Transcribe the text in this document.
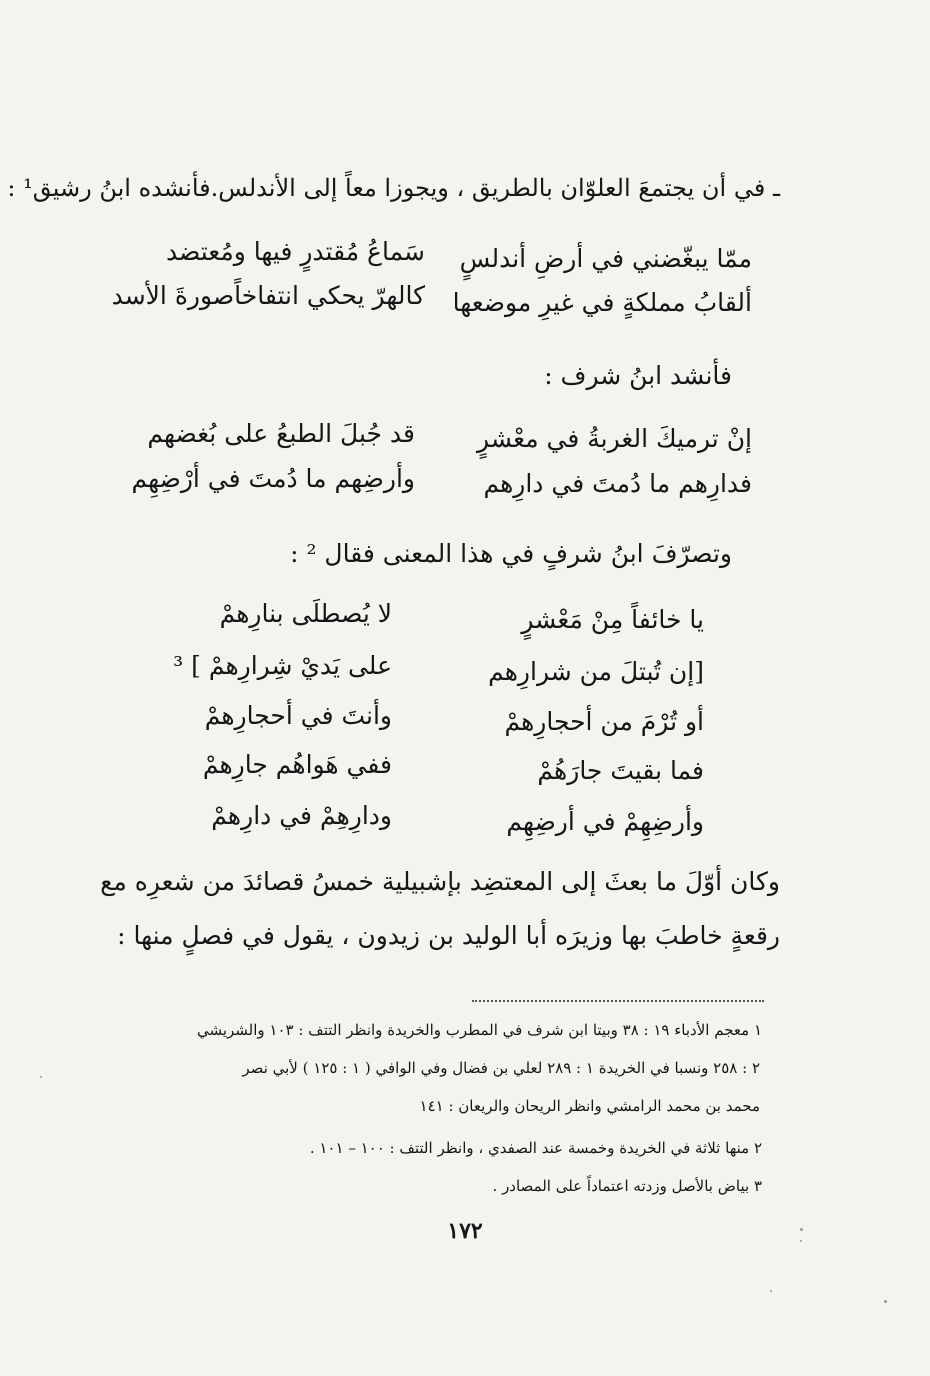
ـ في أن يجتمعَ العلوّان بالطريق ، ويجوزا معاً إلى الأندلس.فأنشده ابنُ رشيق¹ :
ممّا يبغّضني في أرضِ أندلسٍ
سَماعُ مُقتدرٍ فيها ومُعتضد
ألقابُ مملكةٍ في غيرِ موضعها
كالهرّ يحكي انتفاخاًصورةَ الأسد
فأنشد ابنُ شرف :
إنْ ترميكَ الغربةُ في معْشرٍ
قد جُبلَ الطبعُ على بُغضهم
فدارِهم ما دُمتَ في دارِهم
وأرضِهم ما دُمتَ في أرْضِهِم
وتصرّفَ ابنُ شرفٍ في هذا المعنى فقال ² :
يا خائفاً مِنْ مَعْشرٍ
لا يُصطلَى بنارِهمْ
[إن تُبتلَ من شرارِهم
على يَديْ شِرارِهمْ ] ³
أو تُرْمَ من أحجارِهمْ
وأنتَ في أحجارِهمْ
فما بقيتَ جارَهُمْ
ففي هَواهُم جارِهمْ
وأرضِهِمْ في أرضِهِم
ودارِهِمْ في دارِهمْ
وكان أوّلَ ما بعثَ إلى المعتضِد بإشبيلية خمسُ قصائدَ من شعرِه مع
رقعةٍ خاطبَ بها وزيرَه أبا الوليد بن زيدون ، يقول في فصلٍ منها :
١ معجم الأدباء ١٩ : ٣٨ وبيتا ابن شرف في المطرب والخريدة وانظر التتف : ١٠٣ والشريشي
٢ : ٢٥٨ ونسبا في الخريدة ١ : ٢٨٩ لعلي بن فضال وفي الوافي ( ١ : ١٢٥ ) لأبي نصر
محمد بن محمد الرامشي وانظر الريحان والريعان : ١٤١
٢ منها ثلاثة في الخريدة وخمسة عند الصفدي ، وانظر التتف : ١٠٠ – ١٠١ .
٣ بياض بالأصل وزدته اعتماداً على المصادر .
١٧٢
